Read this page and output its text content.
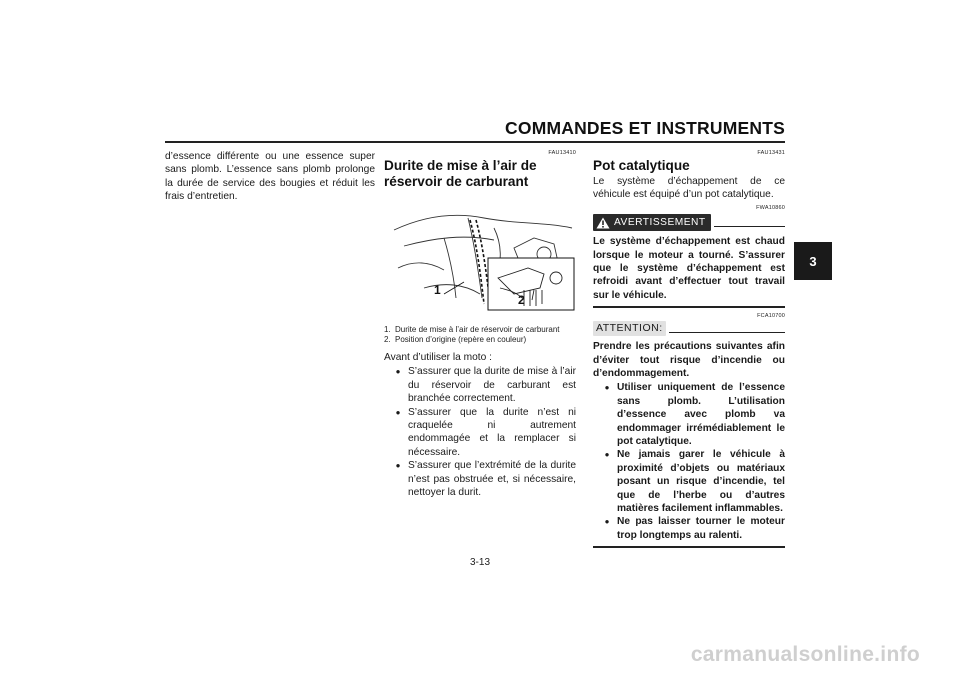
COMMANDES ET INSTRUMENTS
3

d’essence différente ou une essence super sans plomb. L’essence sans plomb prolonge la durée de service des bougies et réduit les frais d’entretien.

FAU13410
Durite de mise à l’air de réservoir de carburant
1
2
1. Durite de mise à l’air de réservoir de carburant
2. Position d’origine (repère en couleur)

Avant d’utiliser la moto :

● S’assurer que la durite de mise à l’air du réservoir de carburant est branchée correctement.
● S’assurer que la durite n’est ni craquelée ni autrement endommagée et la remplacer si nécessaire.
● S’assurer que l’extrémité de la durite n’est pas obstruée et, si nécessaire, nettoyer la durit.
FAU13431
Pot catalytique

Le système d’échappement de ce véhicule est équipé d’un pot catalytique.

FWA10860
AVERTISSEMENT

Le système d’échappement est chaud lorsque le moteur a tourné. S’assurer que le système d’échappement est refroidi avant d’effectuer tout travail sur le véhicule.

FCA10700
ATTENTION:

Prendre les précautions suivantes afin d’éviter tout risque d’incendie ou d’endommagement.

● Utiliser uniquement de l’essence sans plomb. L’utilisation d’essence avec plomb va endommager irrémédiablement le pot catalytique.
● Ne jamais garer le véhicule à proximité d’objets ou matériaux posant un risque d’incendie, tel que de l’herbe ou d’autres matières facilement inflammables.
● Ne pas laisser tourner le moteur trop longtemps au ralenti.
3-13
carmanualsonline.info
